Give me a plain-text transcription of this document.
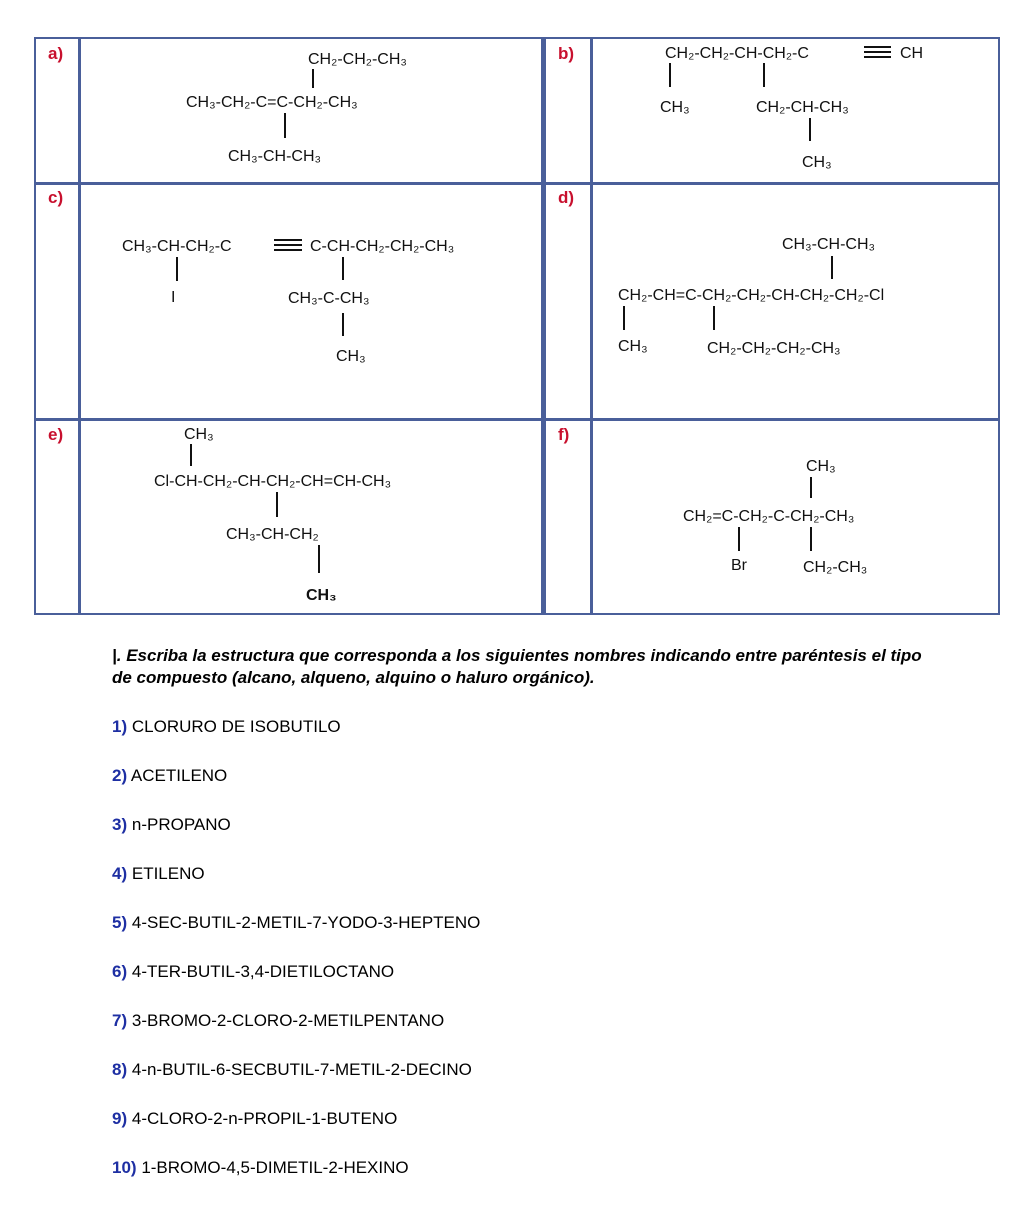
a)	b)
c)	d)
e)	f)
CH₂-CH₂-CH₃
CH₃-CH₂-C=C-CH₂-CH₃
CH₃-CH-CH₃
CH₂-CH₂-CH-CH₂-C	CH
CH₃	CH₂-CH-CH₃
CH₃
CH₃-CH-CH₂-C	C-CH-CH₂-CH₂-CH₃
I	CH₃-C-CH₃
CH₃
CH₃-CH-CH₃
CH₂-CH=C-CH₂-CH₂-CH-CH₂-CH₂-Cl
CH₃	CH₂-CH₂-CH₂-CH₃
CH₃
Cl-CH-CH₂-CH-CH₂-CH=CH-CH₃
CH₃-CH-CH₂
CH₃
CH₃
CH₂=C-CH₂-C-CH₂-CH₃
Br	CH₂-CH₃
|. Escriba la estructura que corresponda a los siguientes nombres indicando entre paréntesis el tipo de compuesto (alcano, alqueno, alquino o haluro orgánico).
1) CLORURO DE ISOBUTILO
2) ACETILENO
3) n-PROPANO
4) ETILENO
5) 4-SEC-BUTIL-2-METIL-7-YODO-3-HEPTENO
6) 4-TER-BUTIL-3,4-DIETILOCTANO
7) 3-BROMO-2-CLORO-2-METILPENTANO
8) 4-n-BUTIL-6-SECBUTIL-7-METIL-2-DECINO
9) 4-CLORO-2-n-PROPIL-1-BUTENO
10) 1-BROMO-4,5-DIMETIL-2-HEXINO
